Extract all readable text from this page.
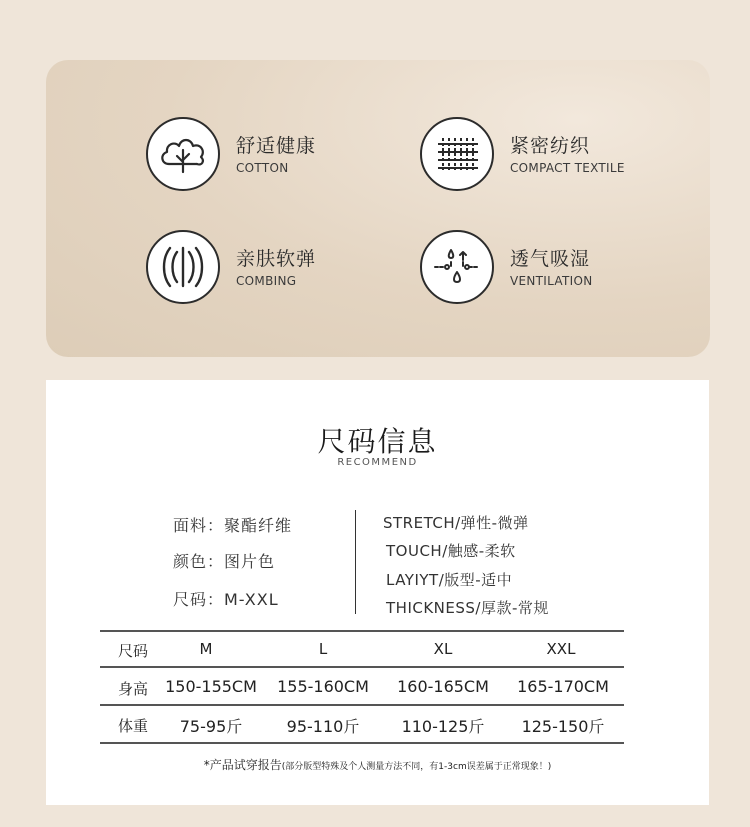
舒适健康
COTTON
紧密纺织
COMPACT TEXTILE
亲肤软弹
COMBING
透气吸湿
VENTILATION
尺码信息
RECOMMEND
面料：聚酯纤维
颜色：图片色
尺码：M-XXL
STRETCH/弹性-微弹
TOUCH/触感-柔软
LAYIYT/版型-适中
THICKNESS/厚款-常规
尺码	M	L	XL	XXL
身高	150-155CM	155-160CM	160-165CM	165-170CM
体重	75-95斤	95-110斤	110-125斤	125-150斤
*产品试穿报告(部分版型特殊及个人测量方法不同，有1-3cm误差属于正常现象！)
